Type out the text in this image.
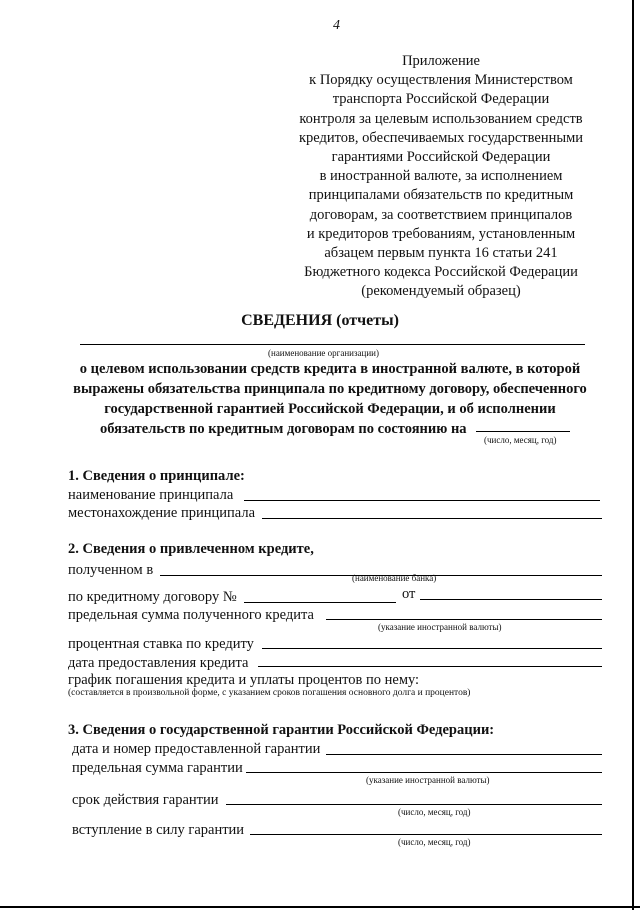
4
Приложение
к Порядку осуществления Министерством
транспорта Российской Федерации
контроля за целевым использованием средств
кредитов, обеспечиваемых государственными
гарантиями Российской Федерации
в иностранной валюте, за исполнением
принципалами обязательств по кредитным
договорам, за соответствием принципалов
и кредиторов требованиям, установленным
абзацем первым пункта 16 статьи 241
Бюджетного кодекса Российской Федерации
(рекомендуемый образец)
СВЕДЕНИЯ (отчеты)
(наименование организации)
о целевом использовании средств кредита в иностранной валюте, в которой
выражены обязательства принципала по кредитному договору, обеспеченного
государственной гарантией Российской Федерации, и об исполнении
обязательств по кредитным договорам по состоянию на
(число, месяц, год)
1. Сведения о принципале:
наименование принципала
местонахождение принципала
2. Сведения о привлеченном кредите,
полученном в	(наименование банка)
по кредитному договору №	от
предельная сумма полученного кредита
(указание иностранной валюты)
процентная ставка по кредиту
дата предоставления кредита
график погашения кредита и уплаты процентов по нему:
(составляется в произвольной форме, с указанием сроков погашения основного долга и процентов)
3. Сведения о государственной гарантии Российской Федерации:
дата и номер предоставленной гарантии
предельная сумма гарантии
(указание иностранной валюты)
срок действия гарантии
(число, месяц, год)
вступление в силу гарантии
(число, месяц, год)
